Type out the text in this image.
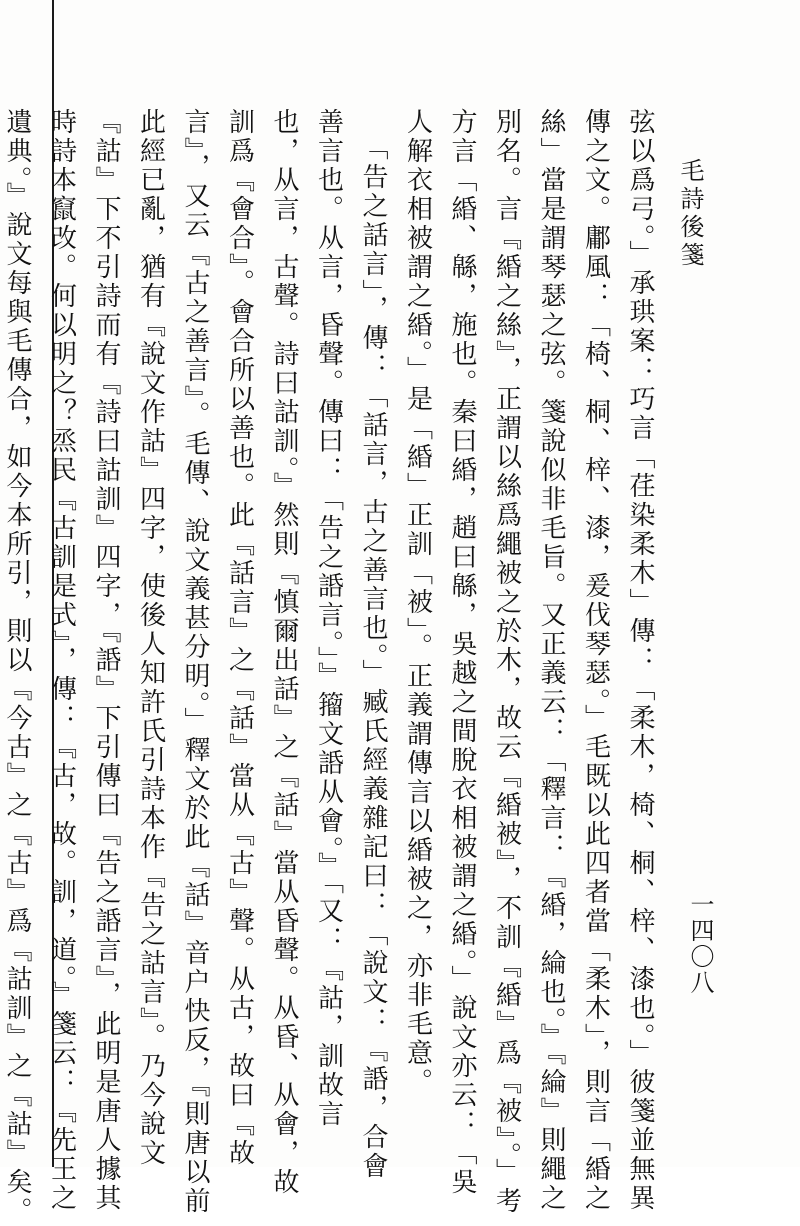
毛詩後箋
一四〇八
弦以爲弓。」承珙案：巧言「荏染柔木」傳：「柔木，椅、桐、梓、漆也。」彼箋並無異
傳之文。鄘風：「椅、桐、梓、漆，爰伐琴瑟。」毛既以此四者當「柔木」，則言「緍之
絲」當是謂琴瑟之弦。箋說似非毛旨。又正義云：「釋言：『緍，綸也。』『綸』則繩之
別名。言『緍之絲』，正謂以絲爲繩被之於木，故云『緍被』，不訓『緍』爲『被』。」考
方言「緍、緜，施也。秦曰緍，趙曰緜，吳越之間脫衣相被謂之緍。」說文亦云：「吳
人解衣相被謂之緍。」是「緍」正訓「被」。正義謂傳言以緍被之，亦非毛意。
「告之話言」，傳：「話言，古之善言也。」臧氏經義雜記曰：「說文：『䛡，合會
善言也。从言，昏聲。傳曰：「告之䛡言。」』籀文䛡从會。』「又：『詁，訓故言
也，从言，古聲。詩曰詁訓。』然則『慎爾出話』之『話』當从昏聲。从昏、从會，故
訓爲『會合』。會合所以善也。此『話言』之『話』當从『古』聲。从古，故曰『故
言』，又云『古之善言』。毛傳、說文義甚分明。」釋文於此『話』音户快反，『則唐以前
此經已亂，猶有『說文作詁』四字，使後人知許氏引詩本作『告之詁言』。乃今說文
『詁』下不引詩而有『詩曰詁訓』四字，『䛡』下引傳曰『告之䛡言』，此明是唐人據其
時詩本竄改。何以明之？烝民『古訓是式』，傳：『古，故。訓，道。』箋云：『先王之
遺典。』說文每與毛傳合，如今本所引，則以『今古』之『古』爲『詁訓』之『詁』矣。
